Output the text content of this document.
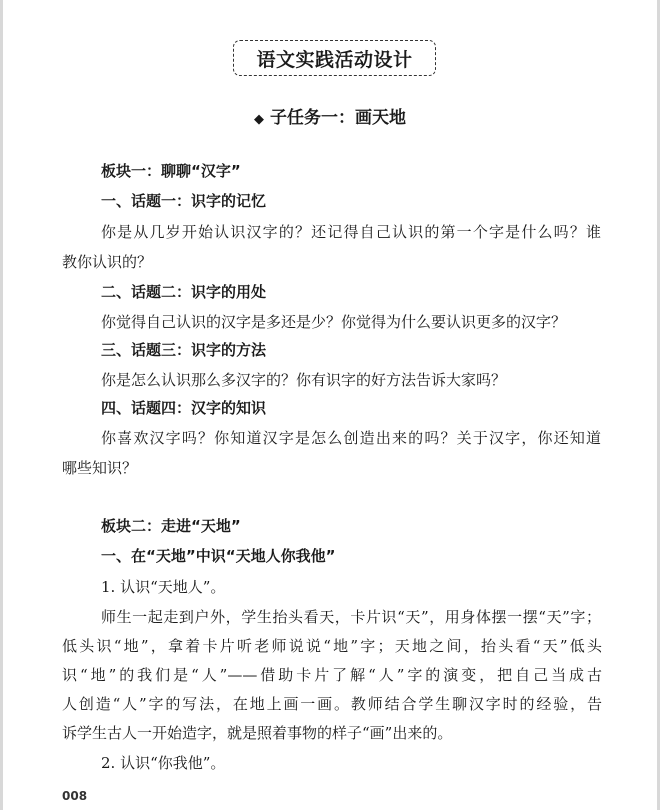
语文实践活动设计
◆ 子任务一：画天地
板块一：聊聊“汉字”
一、话题一：识字的记忆
你是从几岁开始认识汉字的？还记得自己认识的第一个字是什么吗？谁
教你认识的？
二、话题二：识字的用处
你觉得自己认识的汉字是多还是少？你觉得为什么要认识更多的汉字？
三、话题三：识字的方法
你是怎么认识那么多汉字的？你有识字的好方法告诉大家吗？
四、话题四：汉字的知识
你喜欢汉字吗？你知道汉字是怎么创造出来的吗？关于汉字，你还知道
哪些知识？
板块二：走进“天地”
一、在“天地”中识“天地人你我他”
1. 认识“天地人”。
师生一起走到户外，学生抬头看天，卡片识“天”，用身体摆一摆“天”字；
低头识“地”，拿着卡片听老师说说“地”字；天地之间，抬头看“天”低头
识“地”的我们是“人”——借助卡片了解“人”字的演变，把自己当成古
人创造“人”字的写法，在地上画一画。教师结合学生聊汉字时的经验，告
诉学生古人一开始造字，就是照着事物的样子“画”出来的。
2. 认识“你我他”。
008
